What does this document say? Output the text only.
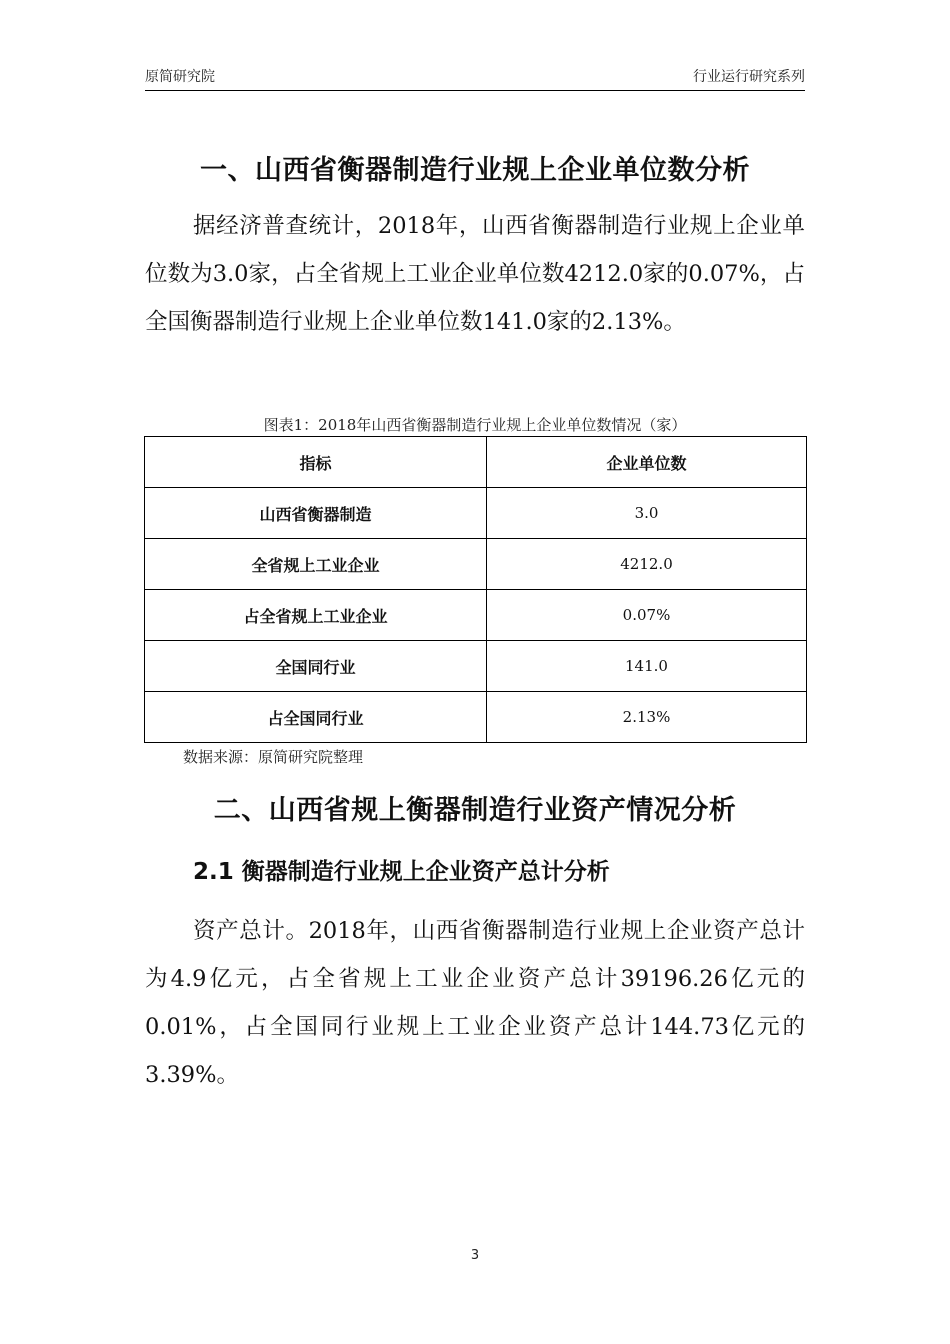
原简研究院	行业运行研究系列
一、山西省衡器制造行业规上企业单位数分析

据经济普查统计，2018年，山西省衡器制造行业规上企业单位数为3.0家，占全省规上工业企业单位数4212.0家的0.07%，占全国衡器制造行业规上企业单位数141.0家的2.13%。

图表1：2018年山西省衡器制造行业规上企业单位数情况（家）
指标	企业单位数
山西省衡器制造	3.0
全省规上工业企业	4212.0
占全省规上工业企业	0.07%
全国同行业	141.0
占全国同行业	2.13%
数据来源：原简研究院整理
二、山西省规上衡器制造行业资产情况分析
2.1 衡器制造行业规上企业资产总计分析

资产总计。2018年，山西省衡器制造行业规上企业资产总计为4.9亿元，占全省规上工业企业资产总计39196.26亿元的0.01%，占全国同行业规上工业企业资产总计144.73亿元的3.39%。

3
